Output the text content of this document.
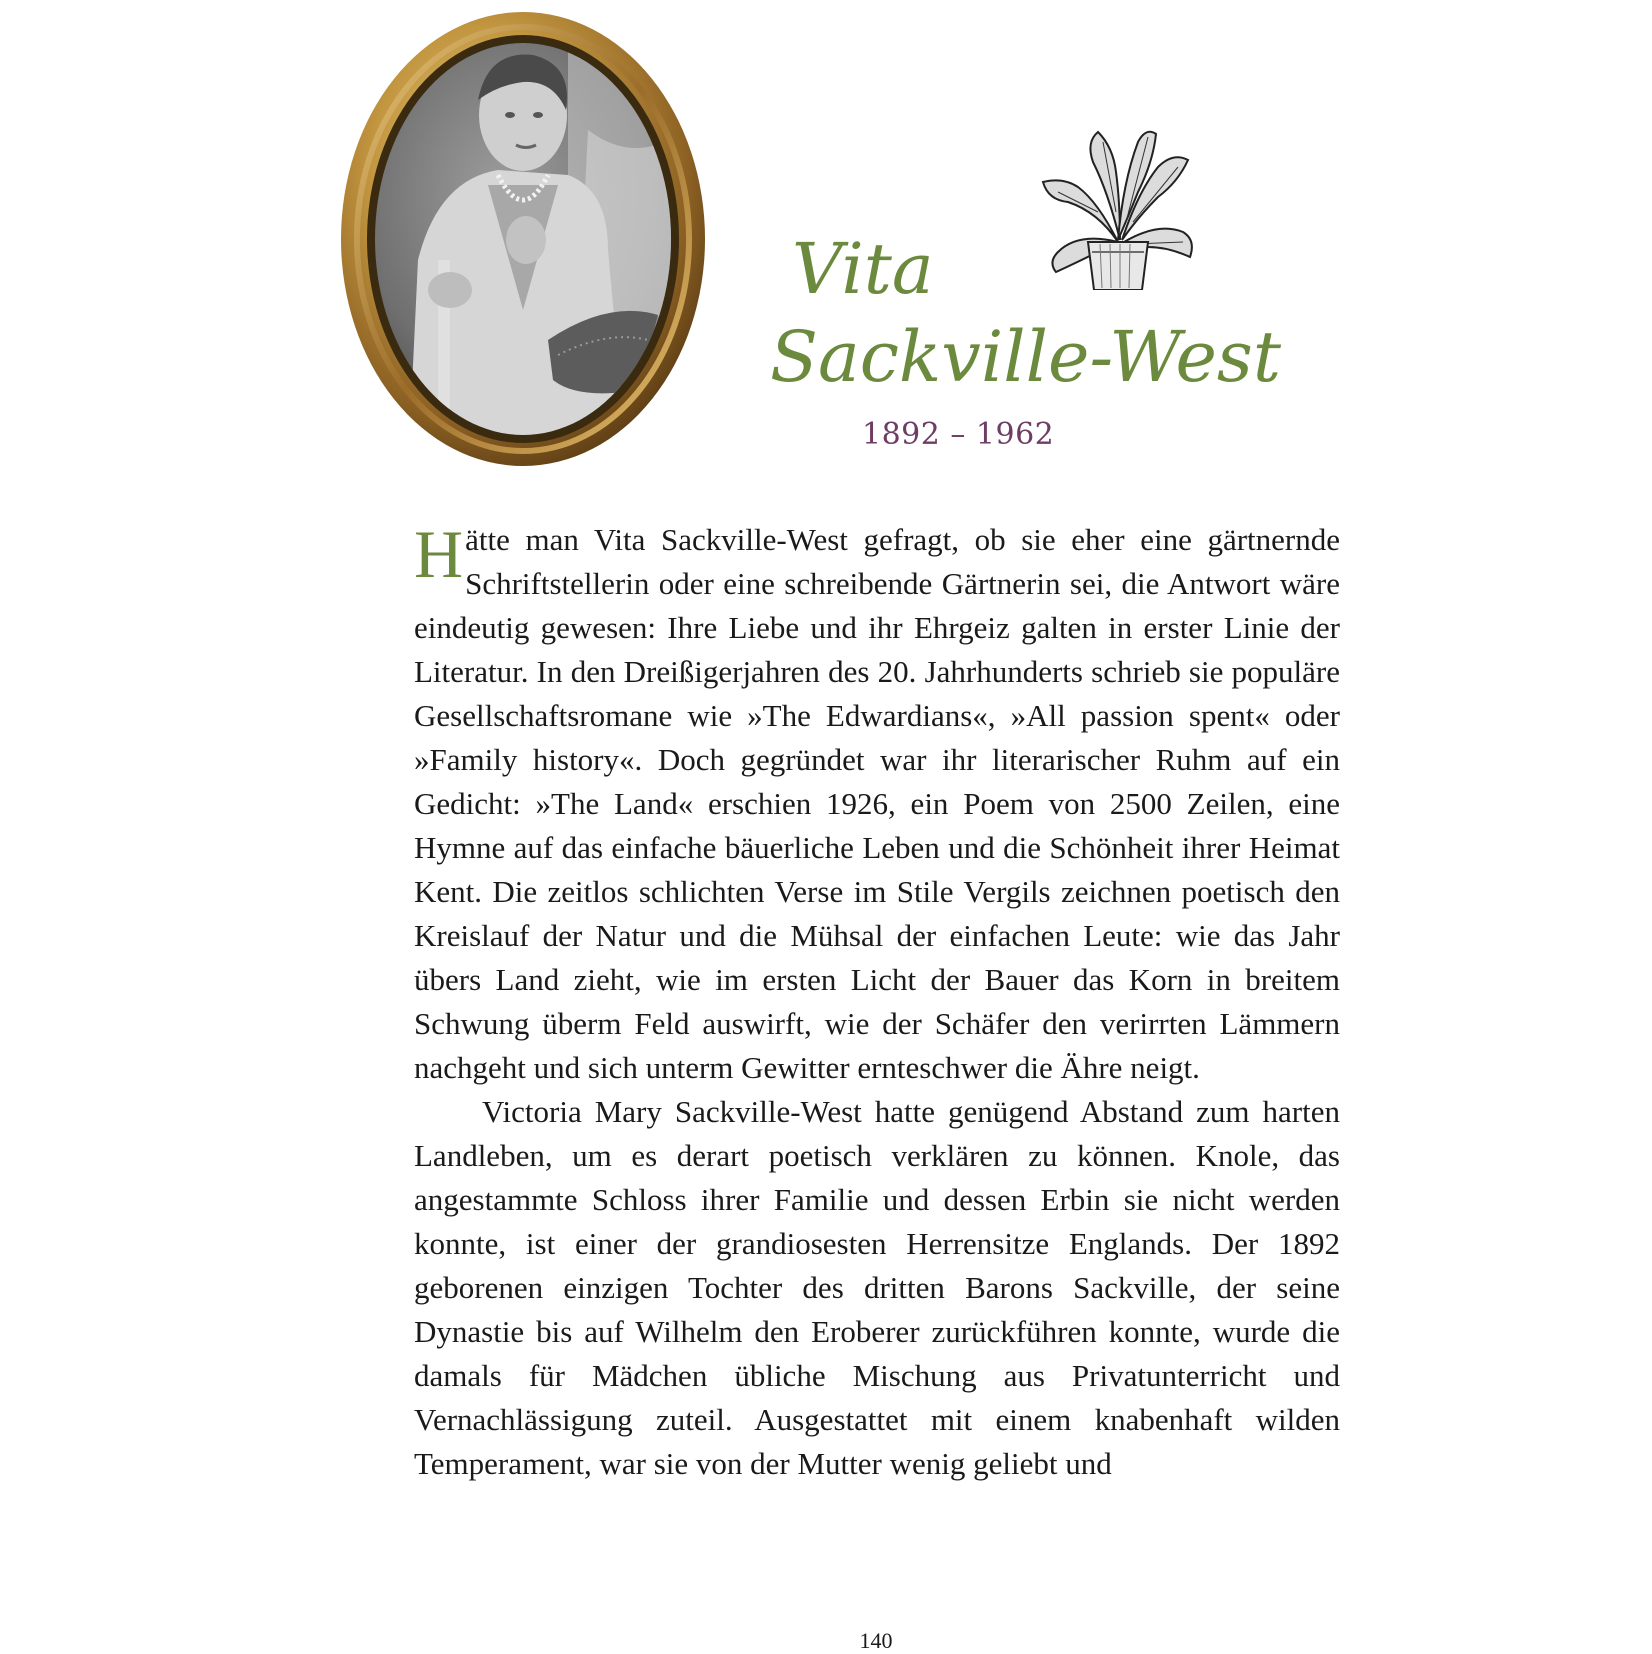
Vita
Sackville-West
1892 – 1962

Hätte man Vita Sackville-West gefragt, ob sie eher eine gärtnernde Schriftstellerin oder eine schreibende Gärtnerin sei, die Antwort wäre eindeutig gewesen: Ihre Liebe und ihr Ehrgeiz galten in erster Linie der Literatur. In den Dreißigerjahren des 20. Jahrhunderts schrieb sie populäre Gesellschaftsromane wie »The Edwardians«, »All passion spent« oder »Family history«. Doch gegründet war ihr literarischer Ruhm auf ein Gedicht: »The Land« erschien 1926, ein Poem von 2500 Zeilen, eine Hymne auf das einfache bäuerliche Leben und die Schönheit ihrer Heimat Kent. Die zeitlos schlichten Verse im Stile Vergils zeichnen poetisch den Kreislauf der Natur und die Mühsal der einfachen Leute: wie das Jahr übers Land zieht, wie im ersten Licht der Bauer das Korn in breitem Schwung überm Feld auswirft, wie der Schäfer den verirrten Lämmern nachgeht und sich unterm Gewitter ernteschwer die Ähre neigt.

Victoria Mary Sackville-West hatte genügend Abstand zum harten Landleben, um es derart poetisch verklären zu können. Knole, das angestammte Schloss ihrer Familie und dessen Erbin sie nicht werden konnte, ist einer der grandiosesten Herrensitze Englands. Der 1892 geborenen einzigen Tochter des dritten Barons Sackville, der seine Dynastie bis auf Wilhelm den Eroberer zurückführen konnte, wurde die damals für Mädchen übliche Mischung aus Privatunterricht und Vernachlässigung zuteil. Ausgestattet mit einem knabenhaft wilden Temperament, war sie von der Mutter wenig geliebt und

140
